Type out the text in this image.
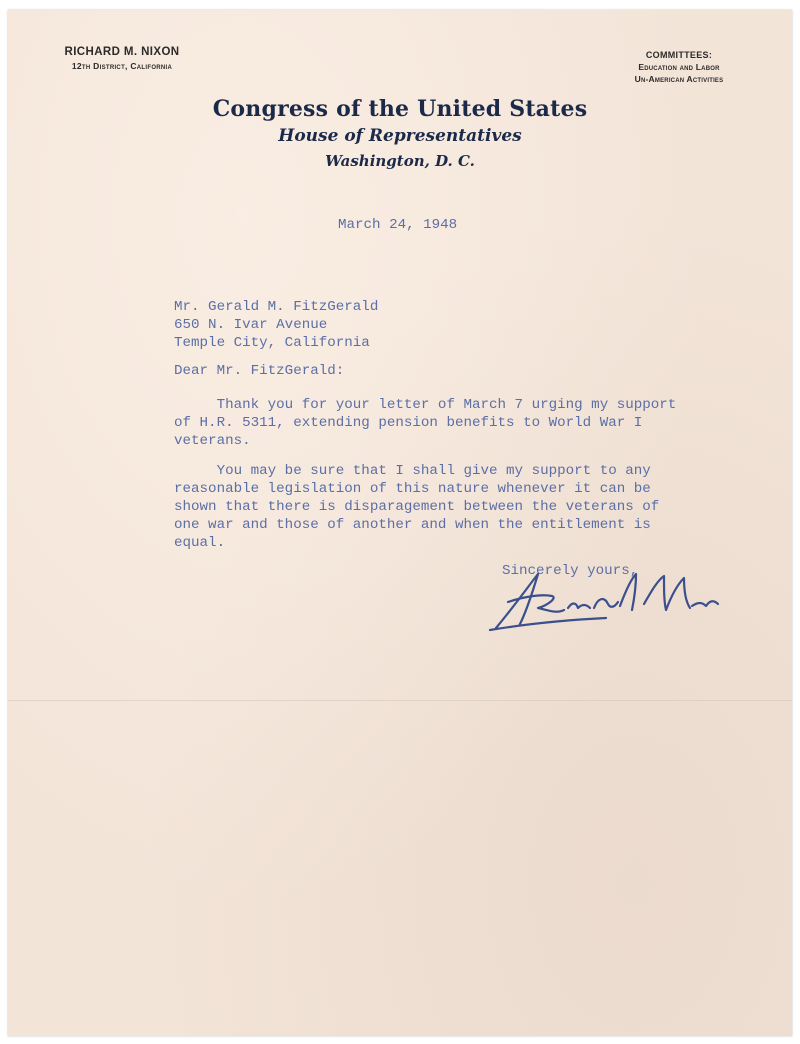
RICHARD M. NIXON
12th District, California
COMMITTEES:
Education and Labor
Un-American Activities
Congress of the United States
House of Representatives
Washington, D. C.
March 24, 1948
Mr. Gerald M. FitzGerald
650 N. Ivar Avenue
Temple City, California
Dear Mr. FitzGerald:
Thank you for your letter of March 7 urging my support
of H.R. 5311, extending pension benefits to World War I
veterans.
You may be sure that I shall give my support to any
reasonable legislation of this nature whenever it can be
shown that there is disparagement between the veterans of
one war and those of another and when the entitlement is
equal.
Sincerely yours,
